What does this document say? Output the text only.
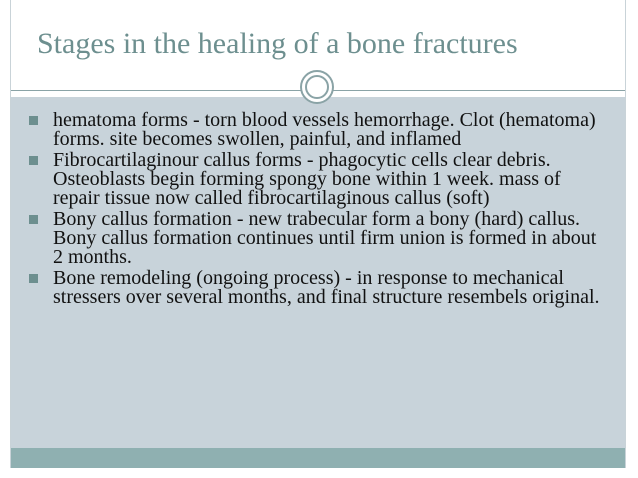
Stages in the healing of a bone fractures
hematoma forms - torn blood vessels hemorrhage. Clot (hematoma) forms. site becomes swollen, painful, and inflamed
Fibrocartilaginour callus forms - phagocytic cells clear debris. Osteoblasts begin forming spongy bone within 1 week. mass of repair tissue now called fibrocartilaginous callus (soft)
Bony callus formation - new trabecular form a bony (hard) callus. Bony callus formation continues until firm union is formed in about 2 months.
Bone remodeling (ongoing process) - in response to mechanical stressers over several months, and final structure resembels original.
